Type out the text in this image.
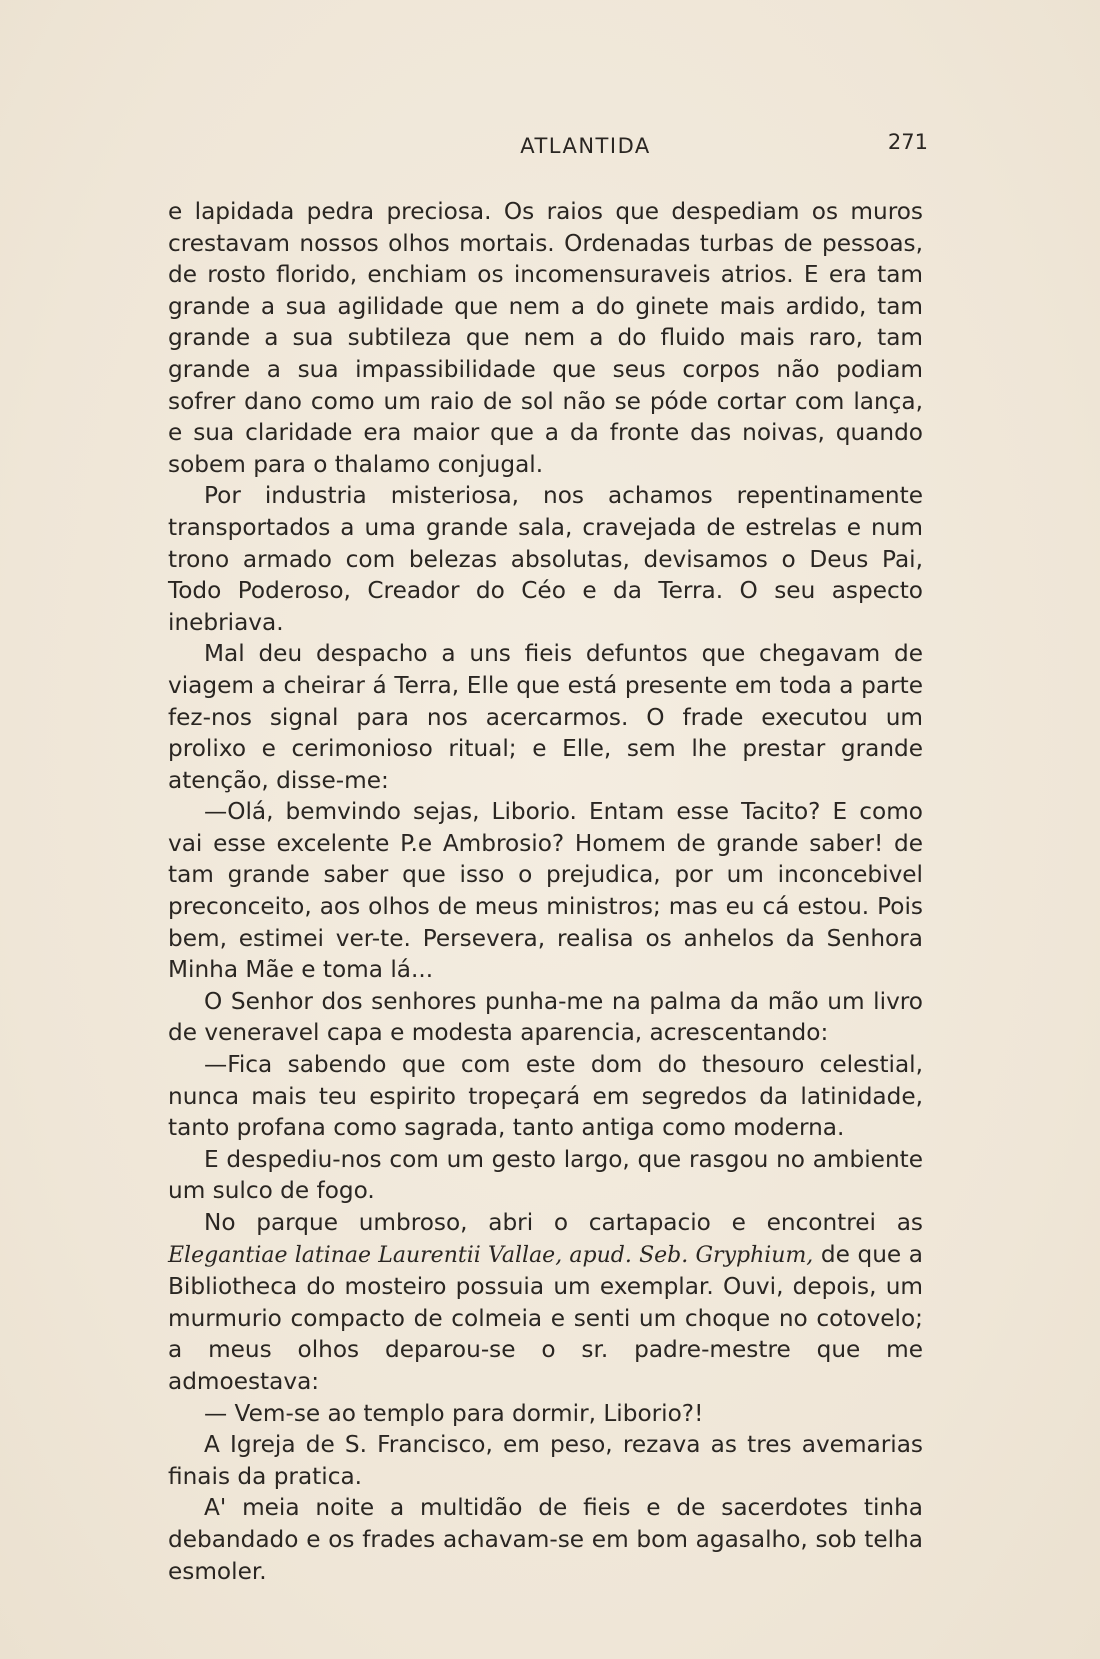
ATLANTIDA	271

e lapidada pedra preciosa. Os raios que despediam os muros crestavam nossos olhos mortais. Ordenadas turbas de pessoas, de rosto florido, enchiam os incomensuraveis atrios. E era tam grande a sua agilidade que nem a do ginete mais ardido, tam grande a sua subtileza que nem a do fluido mais raro, tam grande a sua impassibilidade que seus corpos não podiam sofrer dano como um raio de sol não se póde cortar com lança, e sua claridade era maior que a da fronte das noivas, quando sobem para o thalamo conjugal.

Por industria misteriosa, nos achamos repentinamente transportados a uma grande sala, cravejada de estrelas e num trono armado com belezas absolutas, devisamos o Deus Pai, Todo Poderoso, Creador do Céo e da Terra. O seu aspecto inebriava.

Mal deu despacho a uns fieis defuntos que chegavam de viagem a cheirar á Terra, Elle que está presente em toda a parte fez-nos signal para nos acercarmos. O frade executou um prolixo e cerimonioso ritual; e Elle, sem lhe prestar grande atenção, disse-me:

—Olá, bemvindo sejas, Liborio. Entam esse Tacito? E como vai esse excelente P.e Ambrosio? Homem de grande saber! de tam grande saber que isso o prejudica, por um inconcebivel preconceito, aos olhos de meus ministros; mas eu cá estou. Pois bem, estimei ver-te. Persevera, realisa os anhelos da Senhora Minha Mãe e toma lá...

O Senhor dos senhores punha-me na palma da mão um livro de veneravel capa e modesta aparencia, acrescentando:

—Fica sabendo que com este dom do thesouro celestial, nunca mais teu espirito tropeçará em segredos da latinidade, tanto profana como sagrada, tanto antiga como moderna.

E despediu-nos com um gesto largo, que rasgou no ambiente um sulco de fogo.

No parque umbroso, abri o cartapacio e encontrei as Elegantiae latinae Laurentii Vallae, apud. Seb. Gryphium, de que a Bibliotheca do mosteiro possuia um exemplar. Ouvi, depois, um murmurio compacto de colmeia e senti um choque no cotovelo; a meus olhos deparou-se o sr. padre-mestre que me admoestava:

— Vem-se ao templo para dormir, Liborio?!

A Igreja de S. Francisco, em peso, rezava as tres avemarias finais da pratica.

A' meia noite a multidão de fieis e de sacerdotes tinha debandado e os frades achavam-se em bom agasalho, sob telha esmoler.
